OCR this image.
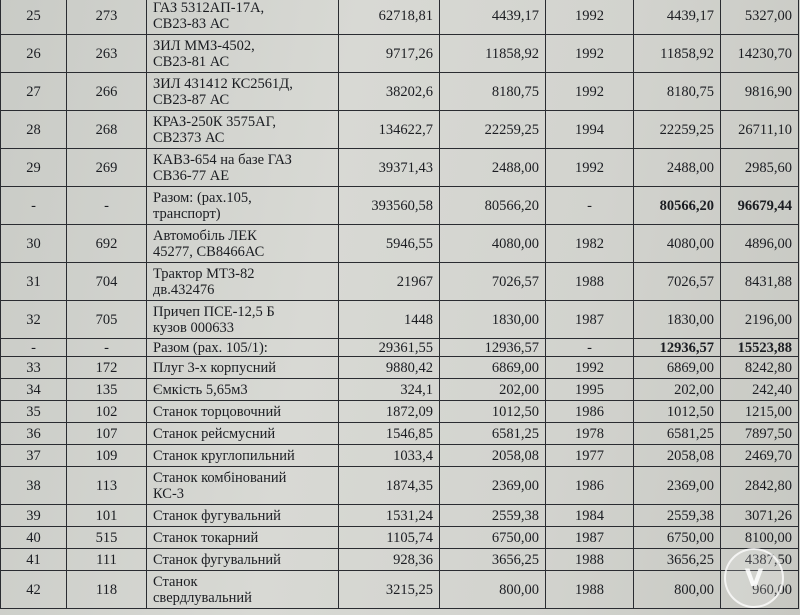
25	273	ГАЗ 5312АП-17А,
СВ23-83 АС	62718,81	4439,17	1992	4439,17	5327,00
26	263	ЗИЛ ММЗ-4502,
СВ23-81 АС	9717,26	11858,92	1992	11858,92	14230,70
27	266	ЗИЛ 431412 КС2561Д,
СВ23-87 АС	38202,6	8180,75	1992	8180,75	9816,90
28	268	КРАЗ-250К 3575АГ,
СВ2373 АС	134622,7	22259,25	1994	22259,25	26711,10
29	269	КАВЗ-654 на базе ГАЗ
СВ36-77 АЕ	39371,43	2488,00	1992	2488,00	2985,60
-	-	Разом: (рах.105,
транспорт)	393560,58	80566,20	-	80566,20	96679,44
30	692	Автомобіль ЛЕК
45277, СВ8466АС	5946,55	4080,00	1982	4080,00	4896,00
31	704	Трактор МТЗ-82
дв.432476	21967	7026,57	1988	7026,57	8431,88
32	705	Причеп ПСЕ-12,5 Б
кузов 000633	1448	1830,00	1987	1830,00	2196,00
-	-	Разом (рах. 105/1):	29361,55	12936,57	-	12936,57	15523,88
33	172	Плуг 3-х корпусний	9880,42	6869,00	1992	6869,00	8242,80
34	135	Ємкість 5,65м3	324,1	202,00	1995	202,00	242,40
35	102	Станок торцовочний	1872,09	1012,50	1986	1012,50	1215,00
36	107	Станок рейсмусний	1546,85	6581,25	1978	6581,25	7897,50
37	109	Станок круглопильний	1033,4	2058,08	1977	2058,08	2469,70
38	113	Станок комбінований
КС-3	1874,35	2369,00	1986	2369,00	2842,80
39	101	Станок фугувальний	1531,24	2559,38	1984	2559,38	3071,26
40	515	Станок токарний	1105,74	6750,00	1987	6750,00	8100,00
41	111	Станок фугувальний	928,36	3656,25	1988	3656,25	4387,50
42	118	Станок
свердлувальний	3215,25	800,00	1988	800,00	960,00
V
